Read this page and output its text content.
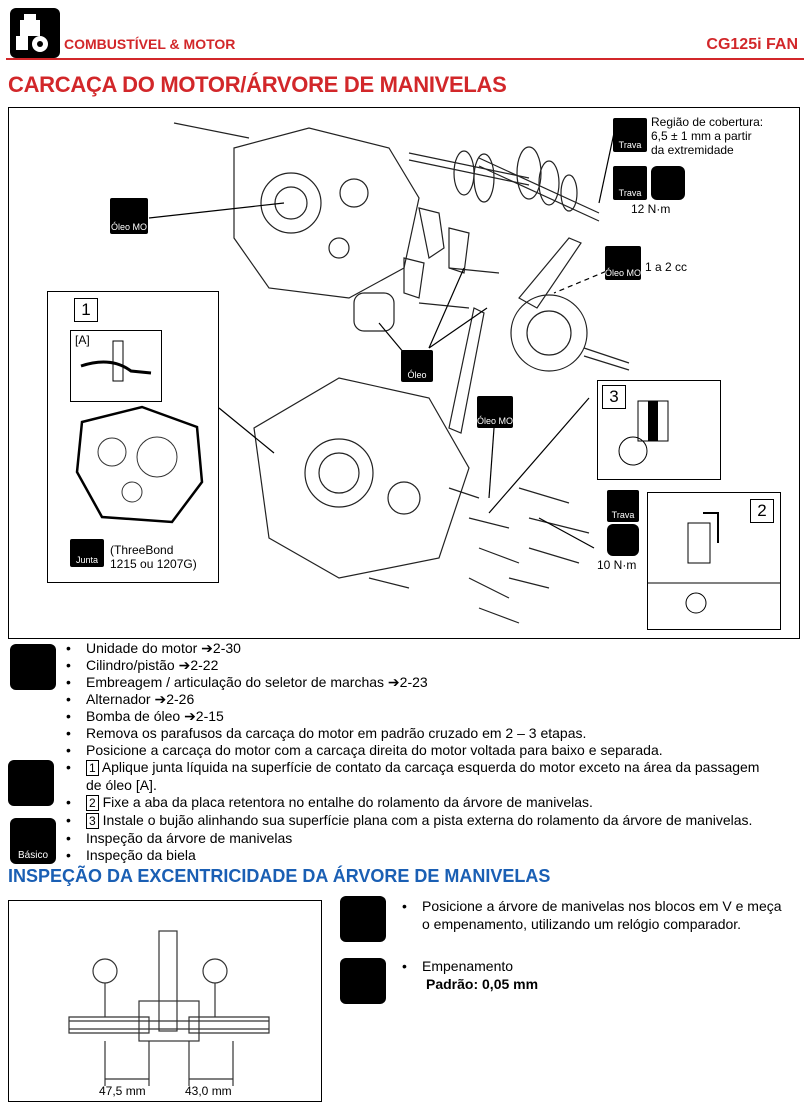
COMBUSTÍVEL & MOTOR	CG125i FAN
CARCAÇA DO MOTOR/ÁRVORE DE MANIVELAS
1
[A]
Junta
(ThreeBond
1215 ou 1207G)
Óleo MO
Trava
Região de cobertura:
6,5 ± 1 mm a partir
da extremidade
Trava
12 N·m
Óleo MO 1 a 2 cc
Óleo
Óleo MO
3
Trava
10 N·m
2
Básico
•	Unidade do motor ➔2-30
•	Cilindro/pistão ➔2-22
•	Embreagem / articulação do seletor de marchas ➔2-23
•	Alternador ➔2-26
•	Bomba de óleo ➔2-15
•	Remova os parafusos da carcaça do motor em padrão cruzado em 2 – 3 etapas.
•	Posicione a carcaça do motor com a carcaça direita do motor voltada para baixo e separada.
•	1 Aplique junta líquida na superfície de contato da carcaça esquerda do motor exceto na área da passagem
de óleo [A].
•	2 Fixe a aba da placa retentora no entalhe do rolamento da árvore de manivelas.
•	3 Instale o bujão alinhando sua superfície plana com a pista externa do rolamento da árvore de manivelas.
•	Inspeção da árvore de manivelas
•	Inspeção da biela
INSPEÇÃO DA EXCENTRICIDADE DA ÁRVORE DE MANIVELAS
47,5 mm	43,0 mm
•	Posicione a árvore de manivelas nos blocos em V e meça
o empenamento, utilizando um relógio comparador.
•	Empenamento
Padrão: 0,05 mm
